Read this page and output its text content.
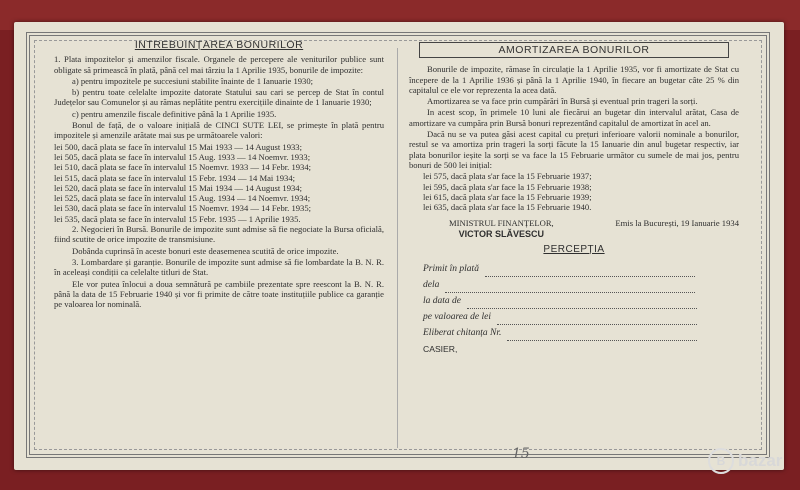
INTREBUINȚAREA BONURILOR

1. Plata impozitelor și amenzilor fiscale. Organele de percepere ale veniturilor publice sunt obligate să primească în plată, până cel mai târziu la 1 Aprilie 1935, bonurile de impozite:

a) pentru impozitele pe succesiuni stabilite înainte de 1 Ianuarie 1930;

b) pentru toate celelalte impozite datorate Statului sau cari se percep de Stat în contul Județelor sau Comunelor și au rămas neplătite pentru exercițiile dinainte de 1 Ianuarie 1930;

c) pentru amenzile fiscale definitive până la 1 Aprilie 1935.

Bonul de față, de o valoare inițială de CINCI SUTE LEI, se primește în plată pentru impozitele și amenzile arătate mai sus pe următoarele valori:

lei 500, dacă plata se face în intervalul 15 Mai 1933 — 14 August 1933;
lei 505, dacă plata se face în intervalul 15 Aug. 1933 — 14 Noemvr. 1933;
lei 510, dacă plata se face în intervalul 15 Noemvr. 1933 — 14 Febr. 1934;
lei 515, dacă plata se face în intervalul 15 Febr. 1934 — 14 Mai 1934;
lei 520, dacă plata se face în intervalul 15 Mai 1934 — 14 August 1934;
lei 525, dacă plata se face în intervalul 15 Aug. 1934 — 14 Noemvr. 1934;
lei 530, dacă plata se face în intervalul 15 Noemvr. 1934 — 14 Febr. 1935;
lei 535, dacă plata se face în intervalul 15 Febr. 1935 — 1 Aprilie 1935.

2. Negocieri în Bursă. Bonurile de impozite sunt admise să fie negociate la Bursa oficială, fiind scutite de orice impozite de transmisiune.

Dobânda cuprinsă în aceste bonuri este deasemenea scutită de orice impozite.

3. Lombardare și garanție. Bonurile de impozite sunt admise să fie lombardate la B. N. R. în aceleași condiții ca celelalte titluri de Stat.

Ele vor putea înlocui a doua semnătură pe cambiile prezentate spre reescont la B. N. R. până la data de 15 Februarie 1940 și vor fi primite de către toate instituțiile publice ca garanție pe valoarea lor nominală.

AMORTIZAREA BONURILOR

Bonurile de impozite, rămase în circulație la 1 Aprilie 1935, vor fi amortizate de Stat cu începere de la 1 Aprilie 1936 și până la 1 Aprilie 1940, în fiecare an bugetar câte 25 % din capitalul ce ele vor reprezenta la acea dată.

Amortizarea se va face prin cumpărări în Bursă și eventual prin trageri la sorți.

In acest scop, în primele 10 luni ale fiecărui an bugetar din intervalul arătat, Casa de amortizare va cumpăra prin Bursă bonuri reprezentând capitalul de amortizat în acel an.

Dacă nu se va putea găsi acest capital cu prețuri inferioare valorii nominale a bonurilor, restul se va amortiza prin trageri la sorți făcute la 15 Ianuarie din anul bugetar respectiv, iar plata bonurilor ieșite la sorți se va face la 15 Februarie următor cu sumele de mai jos, pentru bonuri de 500 lei inițial:

lei 575, dacă plata s'ar face la 15 Februarie 1937;
lei 595, dacă plata s'ar face la 15 Februarie 1938;
lei 615, dacă plata s'ar face la 15 Februarie 1939;
lei 635, dacă plata s'ar face la 15 Februarie 1940.
MINISTRUL FINANȚELOR,
VICTOR SLĂVESCU
Emis la București, 19 Ianuarie 1934
PERCEPȚIA
Primit în plată
dela
la data de
pe valoarea de lei
Eliberat chitanța Nr.
CASIER,
15	B bazar
